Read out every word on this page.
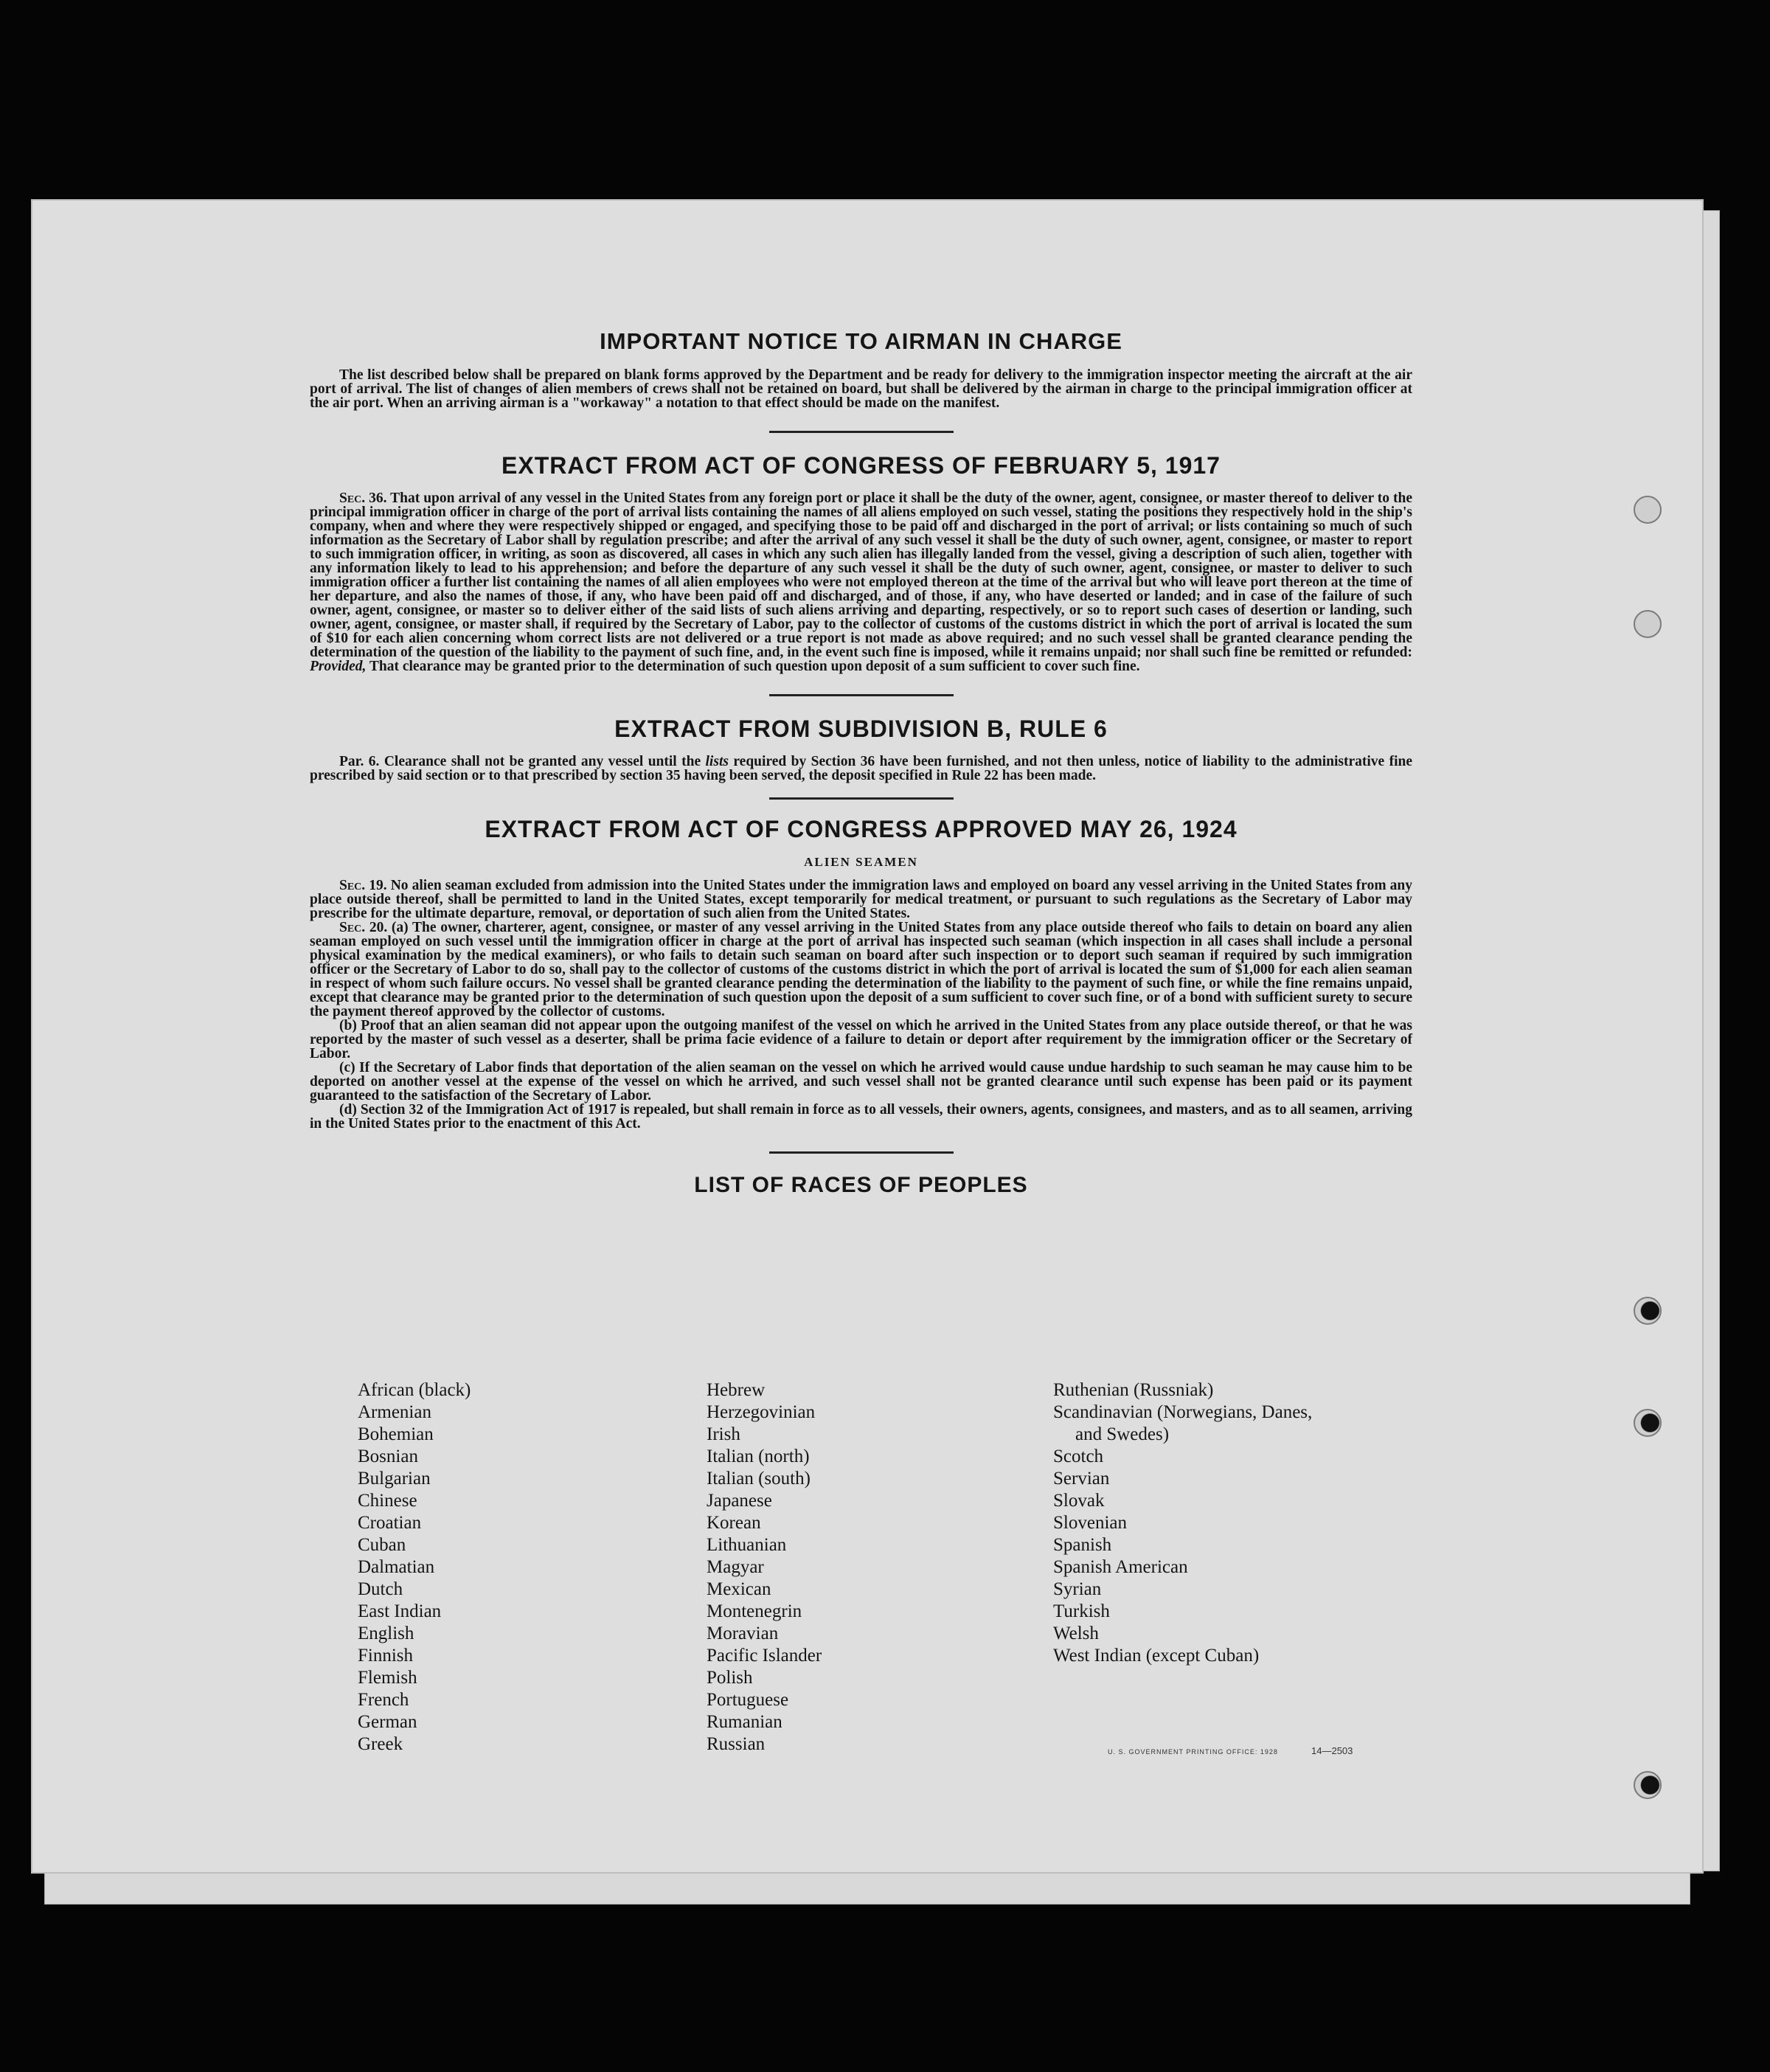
IMPORTANT NOTICE TO AIRMAN IN CHARGE

The list described below shall be prepared on blank forms approved by the Department and be ready for delivery to the immigration inspector meeting the aircraft at the air port of arrival. The list of changes of alien members of crews shall not be retained on board, but shall be delivered by the airman in charge to the principal immigration officer at the air port. When an arriving airman is a "workaway" a notation to that effect should be made on the manifest.

EXTRACT FROM ACT OF CONGRESS OF FEBRUARY 5, 1917

Sec. 36. That upon arrival of any vessel in the United States from any foreign port or place it shall be the duty of the owner, agent, consignee, or master thereof to deliver to the principal immigration officer in charge of the port of arrival lists containing the names of all aliens employed on such vessel, stating the positions they respectively hold in the ship's company, when and where they were respectively shipped or engaged, and specifying those to be paid off and discharged in the port of arrival; or lists containing so much of such information as the Secretary of Labor shall by regulation prescribe; and after the arrival of any such vessel it shall be the duty of such owner, agent, consignee, or master to report to such immigration officer, in writing, as soon as discovered, all cases in which any such alien has illegally landed from the vessel, giving a description of such alien, together with any information likely to lead to his apprehension; and before the departure of any such vessel it shall be the duty of such owner, agent, consignee, or master to deliver to such immigration officer a further list containing the names of all alien employees who were not employed thereon at the time of the arrival but who will leave port thereon at the time of her departure, and also the names of those, if any, who have been paid off and discharged, and of those, if any, who have deserted or landed; and in case of the failure of such owner, agent, consignee, or master so to deliver either of the said lists of such aliens arriving and departing, respectively, or so to report such cases of desertion or landing, such owner, agent, consignee, or master shall, if required by the Secretary of Labor, pay to the collector of customs of the customs district in which the port of arrival is located the sum of $10 for each alien concerning whom correct lists are not delivered or a true report is not made as above required; and no such vessel shall be granted clearance pending the determination of the question of the liability to the payment of such fine, and, in the event such fine is imposed, while it remains unpaid; nor shall such fine be remitted or refunded: Provided, That clearance may be granted prior to the determination of such question upon deposit of a sum sufficient to cover such fine.

EXTRACT FROM SUBDIVISION B, RULE 6

Par. 6. Clearance shall not be granted any vessel until the lists required by Section 36 have been furnished, and not then unless, notice of liability to the administrative fine prescribed by said section or to that prescribed by section 35 having been served, the deposit specified in Rule 22 has been made.

EXTRACT FROM ACT OF CONGRESS APPROVED MAY 26, 1924
ALIEN SEAMEN

Sec. 19. No alien seaman excluded from admission into the United States under the immigration laws and employed on board any vessel arriving in the United States from any place outside thereof, shall be permitted to land in the United States, except temporarily for medical treatment, or pursuant to such regulations as the Secretary of Labor may prescribe for the ultimate departure, removal, or deportation of such alien from the United States.

Sec. 20. (a) The owner, charterer, agent, consignee, or master of any vessel arriving in the United States from any place outside thereof who fails to detain on board any alien seaman employed on such vessel until the immigration officer in charge at the port of arrival has inspected such seaman (which inspection in all cases shall include a personal physical examination by the medical examiners), or who fails to detain such seaman on board after such inspection or to deport such seaman if required by such immigration officer or the Secretary of Labor to do so, shall pay to the collector of customs of the customs district in which the port of arrival is located the sum of $1,000 for each alien seaman in respect of whom such failure occurs. No vessel shall be granted clearance pending the determination of the liability to the payment of such fine, or while the fine remains unpaid, except that clearance may be granted prior to the determination of such question upon the deposit of a sum sufficient to cover such fine, or of a bond with sufficient surety to secure the payment thereof approved by the collector of customs.

(b) Proof that an alien seaman did not appear upon the outgoing manifest of the vessel on which he arrived in the United States from any place outside thereof, or that he was reported by the master of such vessel as a deserter, shall be prima facie evidence of a failure to detain or deport after requirement by the immigration officer or the Secretary of Labor.

(c) If the Secretary of Labor finds that deportation of the alien seaman on the vessel on which he arrived would cause undue hardship to such seaman he may cause him to be deported on another vessel at the expense of the vessel on which he arrived, and such vessel shall not be granted clearance until such expense has been paid or its payment guaranteed to the satisfaction of the Secretary of Labor.

(d) Section 32 of the Immigration Act of 1917 is repealed, but shall remain in force as to all vessels, their owners, agents, consignees, and masters, and as to all seamen, arriving in the United States prior to the enactment of this Act.

LIST OF RACES OF PEOPLES
African (black)
Armenian
Bohemian
Bosnian
Bulgarian
Chinese
Croatian
Cuban
Dalmatian
Dutch
East Indian
English
Finnish
Flemish
French
German
Greek
Hebrew
Herzegovinian
Irish
Italian (north)
Italian (south)
Japanese
Korean
Lithuanian
Magyar
Mexican
Montenegrin
Moravian
Pacific Islander
Polish
Portuguese
Rumanian
Russian
Ruthenian (Russniak)
Scandinavian (Norwegians, Danes,
and Swedes)
Scotch
Servian
Slovak
Slovenian
Spanish
Spanish American
Syrian
Turkish
Welsh
West Indian (except Cuban)
U. S. GOVERNMENT PRINTING OFFICE: 1928	14—2503
